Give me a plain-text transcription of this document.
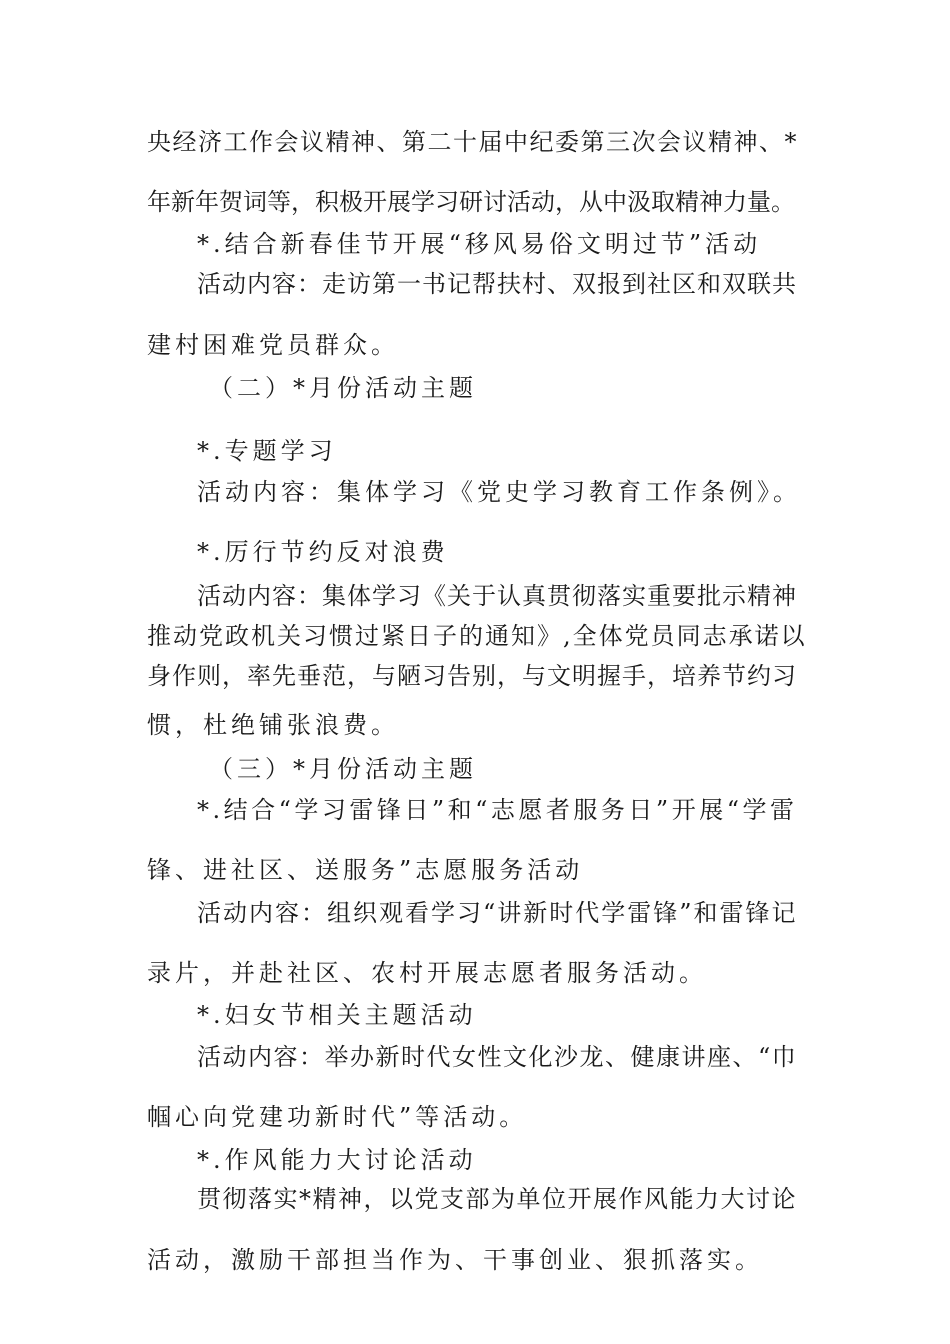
央经济工作会议精神、第二十届中纪委第三次会议精神、*
年新年贺词等，积极开展学习研讨活动，从中汲取精神力量。
*.结合新春佳节开展“移风易俗文明过节”活动
活动内容：走访第一书记帮扶村、双报到社区和双联共
建村困难党员群众。
（二）*月份活动主题
*.专题学习
活动内容：集体学习《党史学习教育工作条例》。
*.厉行节约反对浪费
活动内容：集体学习《关于认真贯彻落实重要批示精神
推动党政机关习惯过紧日子的通知》,全体党员同志承诺以
身作则，率先垂范，与陋习告别，与文明握手，培养节约习
惯，杜绝铺张浪费。
（三）*月份活动主题
*.结合“学习雷锋日”和“志愿者服务日”开展“学雷
锋、进社区、送服务”志愿服务活动
活动内容：组织观看学习“讲新时代学雷锋”和雷锋记
录片，并赴社区、农村开展志愿者服务活动。
*.妇女节相关主题活动
活动内容：举办新时代女性文化沙龙、健康讲座、“巾
帼心向党建功新时代”等活动。
*.作风能力大讨论活动
贯彻落实*精神，以党支部为单位开展作风能力大讨论
活动，激励干部担当作为、干事创业、狠抓落实。
